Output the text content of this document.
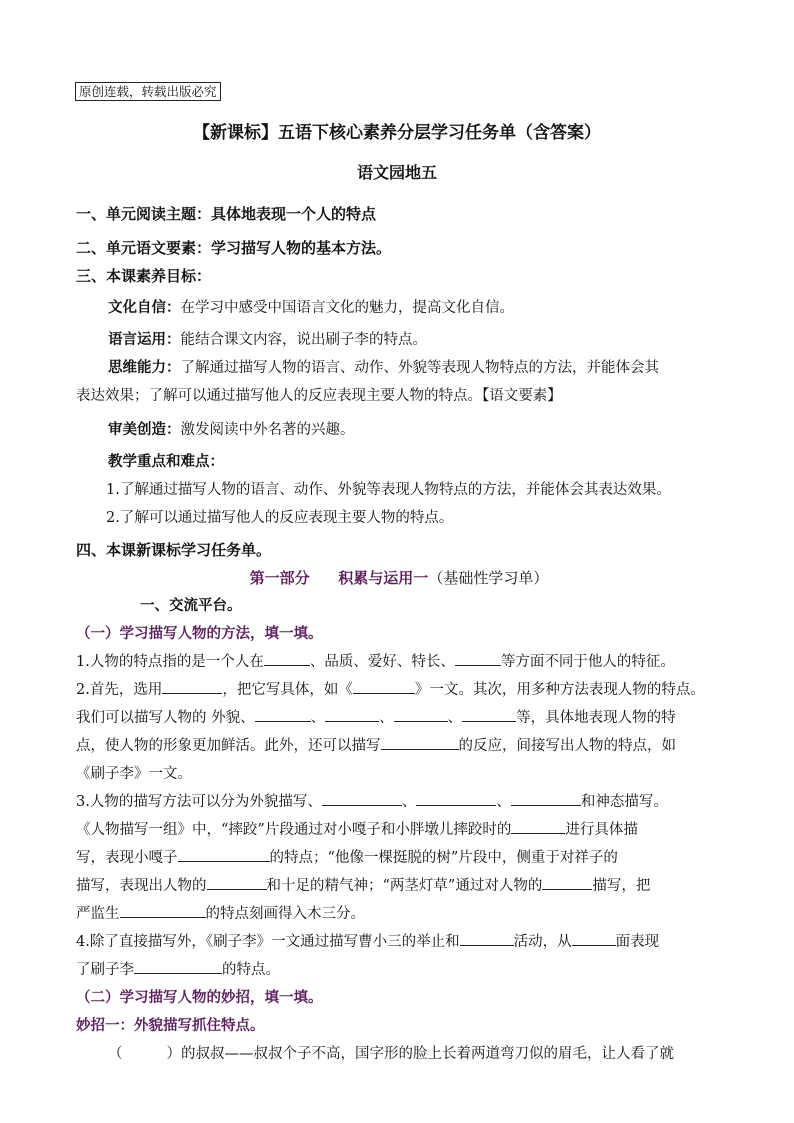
原创连载，转载出版必究
【新课标】五语下核心素养分层学习任务单（含答案）
语文园地五

一、单元阅读主题：具体地表现一个人的特点

二、单元语文要素：学习描写人物的基本方法。

三、本课素养目标：

文化自信：在学习中感受中国语言文化的魅力，提高文化自信。

语言运用：能结合课文内容，说出刷子李的特点。

思维能力：了解通过描写人物的语言、动作、外貌等表现人物特点的方法，并能体会其

表达效果；了解可以通过描写他人的反应表现主要人物的特点。【语文要素】

审美创造：激发阅读中外名著的兴趣。

教学重点和难点：

1.了解通过描写人物的语言、动作、外貌等表现人物特点的方法，并能体会其表达效果。

2.了解可以通过描写他人的反应表现主要人物的特点。

四、本课新课标学习任务单。

第一部分 积累与运用一（基础性学习单）

一、交流平台。

（一）学习描写人物的方法，填一填。

1.人物的特点指的是一个人在	、品质、爱好、特长、	等方面不同于他人的特征。

2.首先，选用	，把它写具体，如《	》一文。其次，用多种方法表现人物的特点。

我们可以描写人物的 外貌、	、	、	、	等，具体地表现人物的特

点，使人物的形象更加鲜活。此外，还可以描写	的反应，间接写出人物的特点，如

《刷子李》一文。

3.人物的描写方法可以分为外貌描写、	、	、	和神态描写。

《人物描写一组》中，“摔跤”片段通过对小嘎子和小胖墩儿摔跤时的	进行具体描

写，表现小嘎子	的特点；“他像一棵挺脱的树”片段中，侧重于对祥子的

描写，表现出人物的	和十足的精气神；“两茎灯草”通过对人物的	描写，把

严监生	的特点刻画得入木三分。

4.除了直接描写外，《刷子李》一文通过描写曹小三的举止和	活动，从	面表现

了刷子李	的特点。

（二）学习描写人物的妙招，填一填。

妙招一：外貌描写抓住特点。

（	）的叔叔——叔叔个子不高，国字形的脸上长着两道弯刀似的眉毛，让人看了就
